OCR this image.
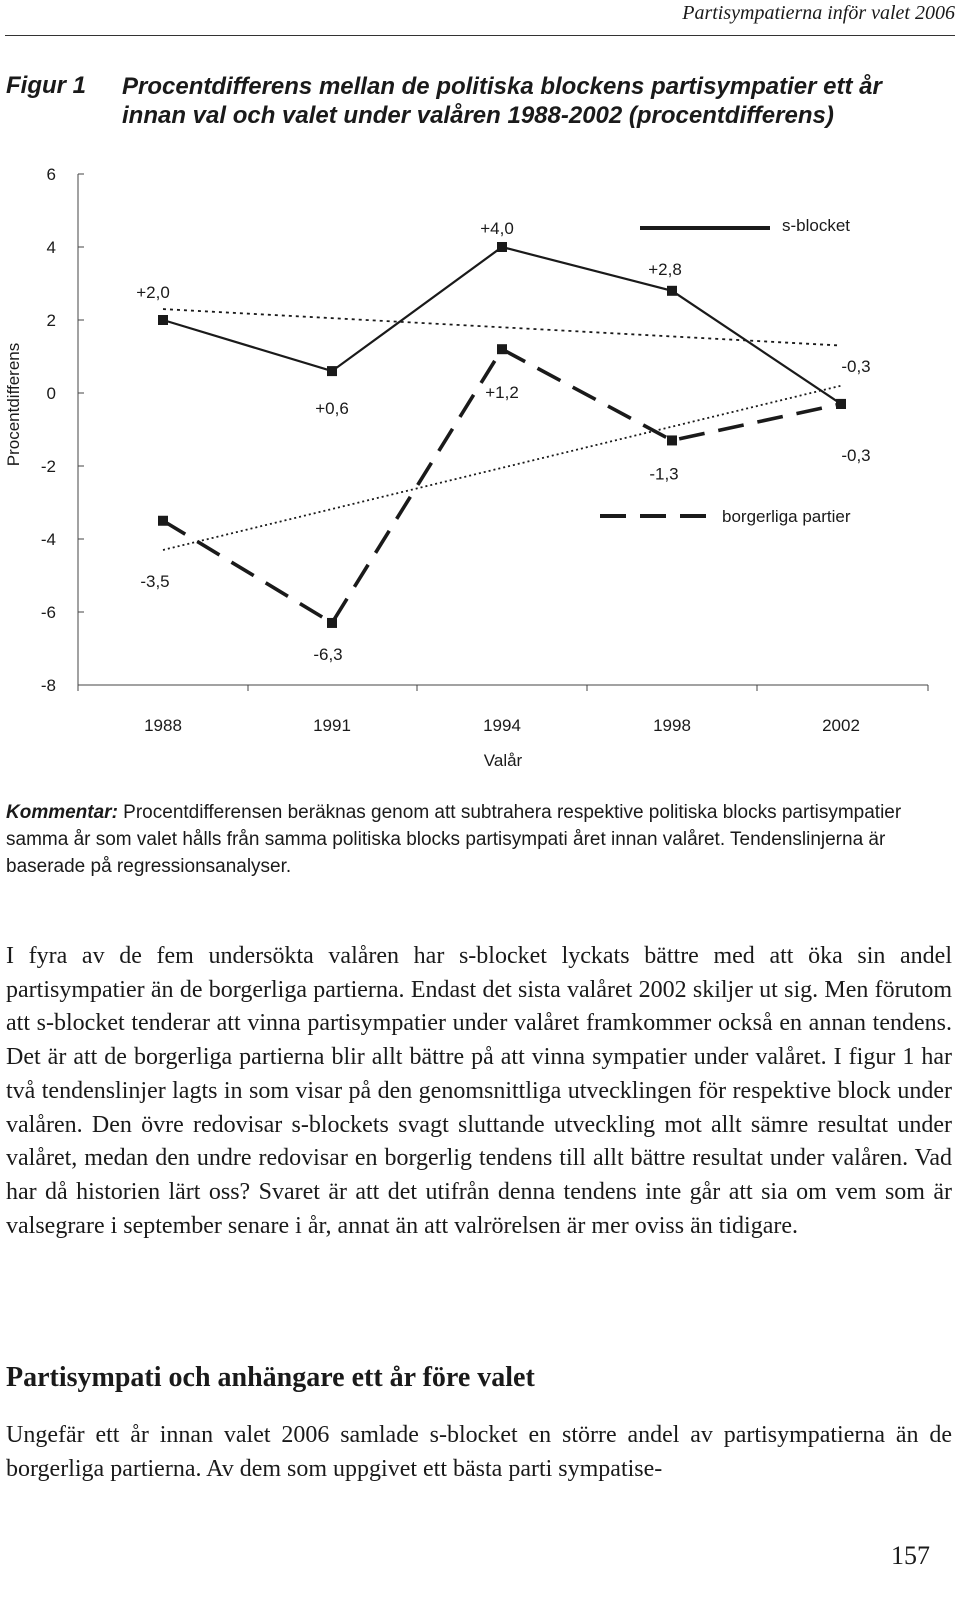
Partisympatierna inför valet 2006
Figur 1 Procentdifferens mellan de politiska blockens partisympatier ett år innan val och valet under valåren 1988-2002 (procentdifferens)
6
4
2
0
-2
-4
-6
-8
Procentdifferens
1988	1991	1994	1998	2002
Valår
+2,0
+0,6
+4,0
+2,8
-0,3
-3,5
-6,3
+1,2
-1,3
-0,3
s-blocket
borgerliga partier
Kommentar: Procentdifferensen beräknas genom att subtrahera respektive politiska blocks partisympatier samma år som valet hålls från samma politiska blocks partisympati året innan valåret. Tendenslinjerna är baserade på regressionsanalyser.
I fyra av de fem undersökta valåren har s-blocket lyckats bättre med att öka sin andel partisympatier än de borgerliga partierna. Endast det sista valåret 2002 skiljer ut sig. Men förutom att s-blocket tenderar att vinna partisympatier under valåret framkommer också en annan tendens. Det är att de borgerliga partierna blir allt bättre på att vinna sympatier under valåret. I figur 1 har två tendenslinjer lagts in som visar på den genomsnittliga utvecklingen för respektive block under valåren. Den övre redovisar s-blockets svagt sluttande utveckling mot allt sämre resultat under valåret, medan den undre redovisar en borgerlig tendens till allt bättre resultat under valåren. Vad har då historien lärt oss? Svaret är att det utifrån denna tendens inte går att sia om vem som är valsegrare i september senare i år, annat än att valrörelsen är mer oviss än tidigare.
Partisympati och anhängare ett år före valet
Ungefär ett år innan valet 2006 samlade s-blocket en större andel av partisympatierna än de borgerliga partierna. Av dem som uppgivet ett bästa parti sympatise-
157
